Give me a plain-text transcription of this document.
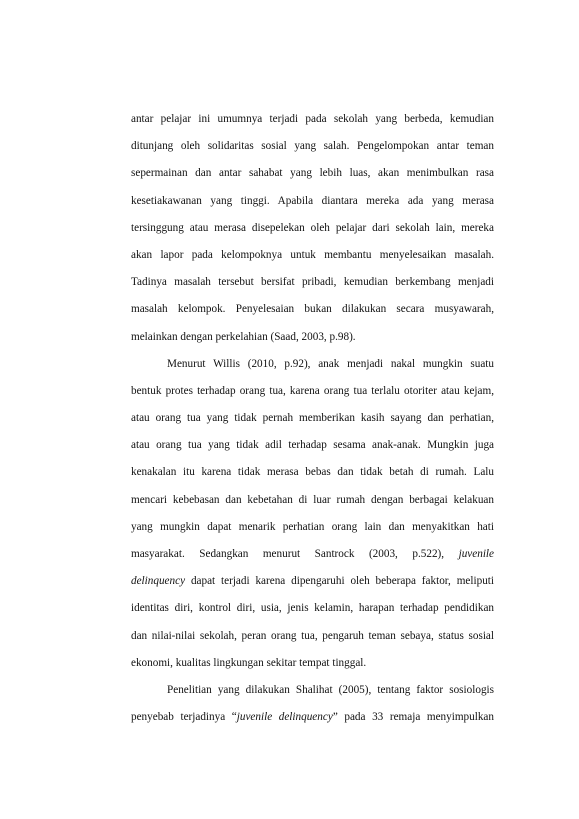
antar pelajar ini umumnya terjadi pada sekolah yang berbeda, kemudian
ditunjang oleh solidaritas sosial yang salah. Pengelompokan antar teman
sepermainan dan antar sahabat yang lebih luas, akan menimbulkan rasa
kesetiakawanan yang tinggi. Apabila diantara mereka ada yang merasa
tersinggung atau merasa disepelekan oleh pelajar dari sekolah lain, mereka
akan lapor pada kelompoknya untuk membantu menyelesaikan masalah.
Tadinya masalah tersebut bersifat pribadi, kemudian berkembang menjadi
masalah kelompok. Penyelesaian bukan dilakukan secara musyawarah,
melainkan dengan perkelahian (Saad, 2003, p.98).
Menurut Willis (2010, p.92), anak menjadi nakal mungkin suatu
bentuk protes terhadap orang tua, karena orang tua terlalu otoriter atau kejam,
atau orang tua yang tidak pernah memberikan kasih sayang dan perhatian,
atau orang tua yang tidak adil terhadap sesama anak-anak. Mungkin juga
kenakalan itu karena tidak merasa bebas dan tidak betah di rumah. Lalu
mencari kebebasan dan kebetahan di luar rumah dengan berbagai kelakuan
yang mungkin dapat menarik perhatian orang lain dan menyakitkan hati
masyarakat. Sedangkan menurut Santrock (2003, p.522), juvenile
delinquency dapat terjadi karena dipengaruhi oleh beberapa faktor, meliputi
identitas diri, kontrol diri, usia, jenis kelamin, harapan terhadap pendidikan
dan nilai-nilai sekolah, peran orang tua, pengaruh teman sebaya, status sosial
ekonomi, kualitas lingkungan sekitar tempat tinggal.
Penelitian yang dilakukan Shalihat (2005), tentang faktor sosiologis
penyebab terjadinya “juvenile delinquency” pada 33 remaja menyimpulkan
